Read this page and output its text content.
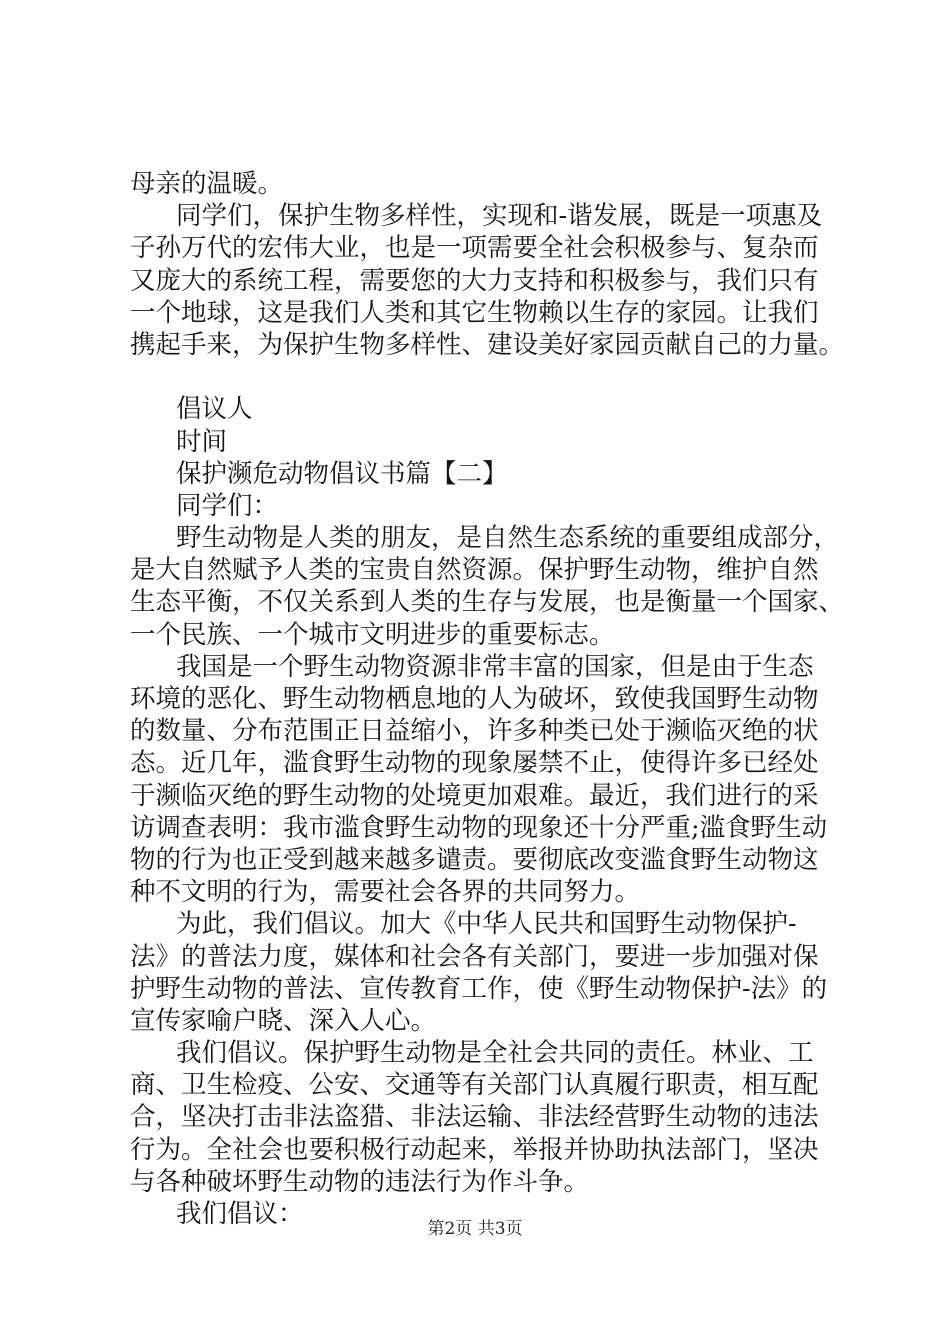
母亲的温暖。
同学们，保护生物多样性，实现和-谐发展，既是一项惠及
子孙万代的宏伟大业，也是一项需要全社会积极参与、复杂而
又庞大的系统工程，需要您的大力支持和积极参与，我们只有
一个地球，这是我们人类和其它生物赖以生存的家园。让我们
携起手来，为保护生物多样性、建设美好家园贡献自己的力量。
倡议人
时间
保护濒危动物倡议书篇【二】
同学们：
野生动物是人类的朋友，是自然生态系统的重要组成部分，
是大自然赋予人类的宝贵自然资源。保护野生动物，维护自然
生态平衡，不仅关系到人类的生存与发展，也是衡量一个国家、
一个民族、一个城市文明进步的重要标志。
我国是一个野生动物资源非常丰富的国家，但是由于生态
环境的恶化、野生动物栖息地的人为破坏，致使我国野生动物
的数量、分布范围正日益缩小，许多种类已处于濒临灭绝的状
态。近几年，滥食野生动物的现象屡禁不止，使得许多已经处
于濒临灭绝的野生动物的处境更加艰难。最近，我们进行的采
访调查表明：我市滥食野生动物的现象还十分严重;滥食野生动
物的行为也正受到越来越多谴责。要彻底改变滥食野生动物这
种不文明的行为，需要社会各界的共同努力。
为此，我们倡议。加大《中华人民共和国野生动物保护-
法》的普法力度，媒体和社会各有关部门，要进一步加强对保
护野生动物的普法、宣传教育工作，使《野生动物保护-法》的
宣传家喻户晓、深入人心。
我们倡议。保护野生动物是全社会共同的责任。林业、工
商、卫生检疫、公安、交通等有关部门认真履行职责，相互配
合，坚决打击非法盗猎、非法运输、非法经营野生动物的违法
行为。全社会也要积极行动起来，举报并协助执法部门，坚决
与各种破坏野生动物的违法行为作斗争。
我们倡议：	第2页 共3页
